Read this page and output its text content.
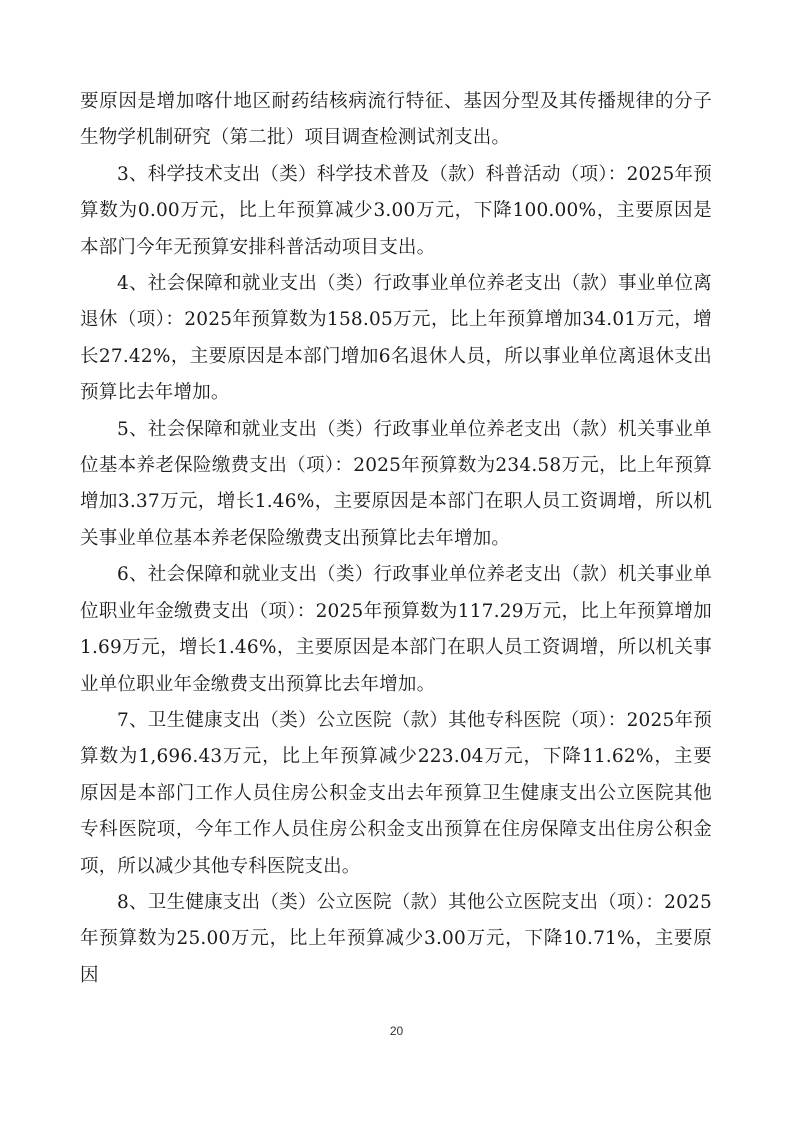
要原因是增加喀什地区耐药结核病流行特征、基因分型及其传播规律的分子生物学机制研究（第二批）项目调查检测试剂支出。

3、科学技术支出（类）科学技术普及（款）科普活动（项）：2025年预算数为0.00万元，比上年预算减少3.00万元，下降100.00%，主要原因是本部门今年无预算安排科普活动项目支出。

4、社会保障和就业支出（类）行政事业单位养老支出（款）事业单位离退休（项）：2025年预算数为158.05万元，比上年预算增加34.01万元，增长27.42%，主要原因是本部门增加6名退休人员，所以事业单位离退休支出预算比去年增加。

5、社会保障和就业支出（类）行政事业单位养老支出（款）机关事业单位基本养老保险缴费支出（项）：2025年预算数为234.58万元，比上年预算增加3.37万元，增长1.46%，主要原因是本部门在职人员工资调增，所以机关事业单位基本养老保险缴费支出预算比去年增加。

6、社会保障和就业支出（类）行政事业单位养老支出（款）机关事业单位职业年金缴费支出（项）：2025年预算数为117.29万元，比上年预算增加1.69万元，增长1.46%，主要原因是本部门在职人员工资调增，所以机关事业单位职业年金缴费支出预算比去年增加。

7、卫生健康支出（类）公立医院（款）其他专科医院（项）：2025年预算数为1,696.43万元，比上年预算减少223.04万元，下降11.62%，主要原因是本部门工作人员住房公积金支出去年预算卫生健康支出公立医院其他专科医院项，今年工作人员住房公积金支出预算在住房保障支出住房公积金项，所以减少其他专科医院支出。

8、卫生健康支出（类）公立医院（款）其他公立医院支出（项）：2025年预算数为25.00万元，比上年预算减少3.00万元，下降10.71%，主要原因

20
